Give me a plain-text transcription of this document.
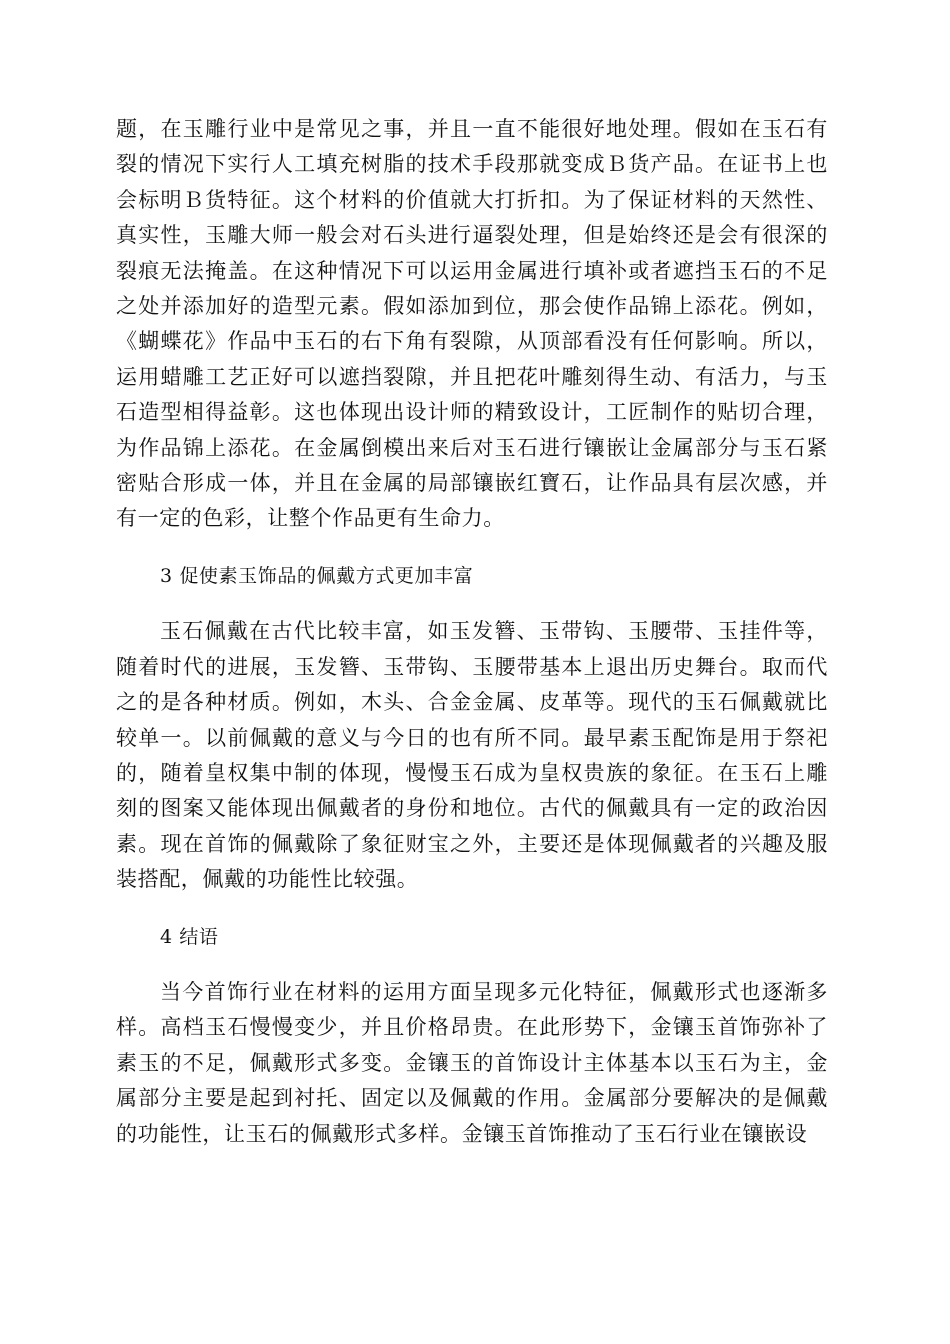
题，在玉雕行业中是常见之事，并且一直不能很好地处理。假如在玉石有裂的情况下实行人工填充树脂的技术手段那就变成Ｂ货产品。在证书上也会标明Ｂ货特征。这个材料的价值就大打折扣。为了保证材料的天然性、真实性，玉雕大师一般会对石头进行逼裂处理，但是始终还是会有很深的裂痕无法掩盖。在这种情况下可以运用金属进行填补或者遮挡玉石的不足之处并添加好的造型元素。假如添加到位，那会使作品锦上添花。例如，《蝴蝶花》作品中玉石的右下角有裂隙，从顶部看没有任何影响。所以，运用蜡雕工艺正好可以遮挡裂隙，并且把花叶雕刻得生动、有活力，与玉石造型相得益彰。这也体现出设计师的精致设计，工匠制作的贴切合理，为作品锦上添花。在金属倒模出来后对玉石进行镶嵌让金属部分与玉石紧密贴合形成一体，并且在金属的局部镶嵌红寶石，让作品具有层次感，并有一定的色彩，让整个作品更有生命力。

3 促使素玉饰品的佩戴方式更加丰富

玉石佩戴在古代比较丰富，如玉发簪、玉带钩、玉腰带、玉挂件等，随着时代的进展，玉发簪、玉带钩、玉腰带基本上退出历史舞台。取而代之的是各种材质。例如，木头、合金金属、皮革等。现代的玉石佩戴就比较单一。以前佩戴的意义与今日的也有所不同。最早素玉配饰是用于祭祀的，随着皇权集中制的体现，慢慢玉石成为皇权贵族的象征。在玉石上雕刻的图案又能体现出佩戴者的身份和地位。古代的佩戴具有一定的政治因素。现在首饰的佩戴除了象征财宝之外，主要还是体现佩戴者的兴趣及服装搭配，佩戴的功能性比较强。

4 结语

当今首饰行业在材料的运用方面呈现多元化特征，佩戴形式也逐渐多样。高档玉石慢慢变少，并且价格昂贵。在此形势下，金镶玉首饰弥补了素玉的不足，佩戴形式多变。金镶玉的首饰设计主体基本以玉石为主，金属部分主要是起到衬托、固定以及佩戴的作用。金属部分要解决的是佩戴的功能性，让玉石的佩戴形式多样。金镶玉首饰推动了玉石行业在镶嵌设
